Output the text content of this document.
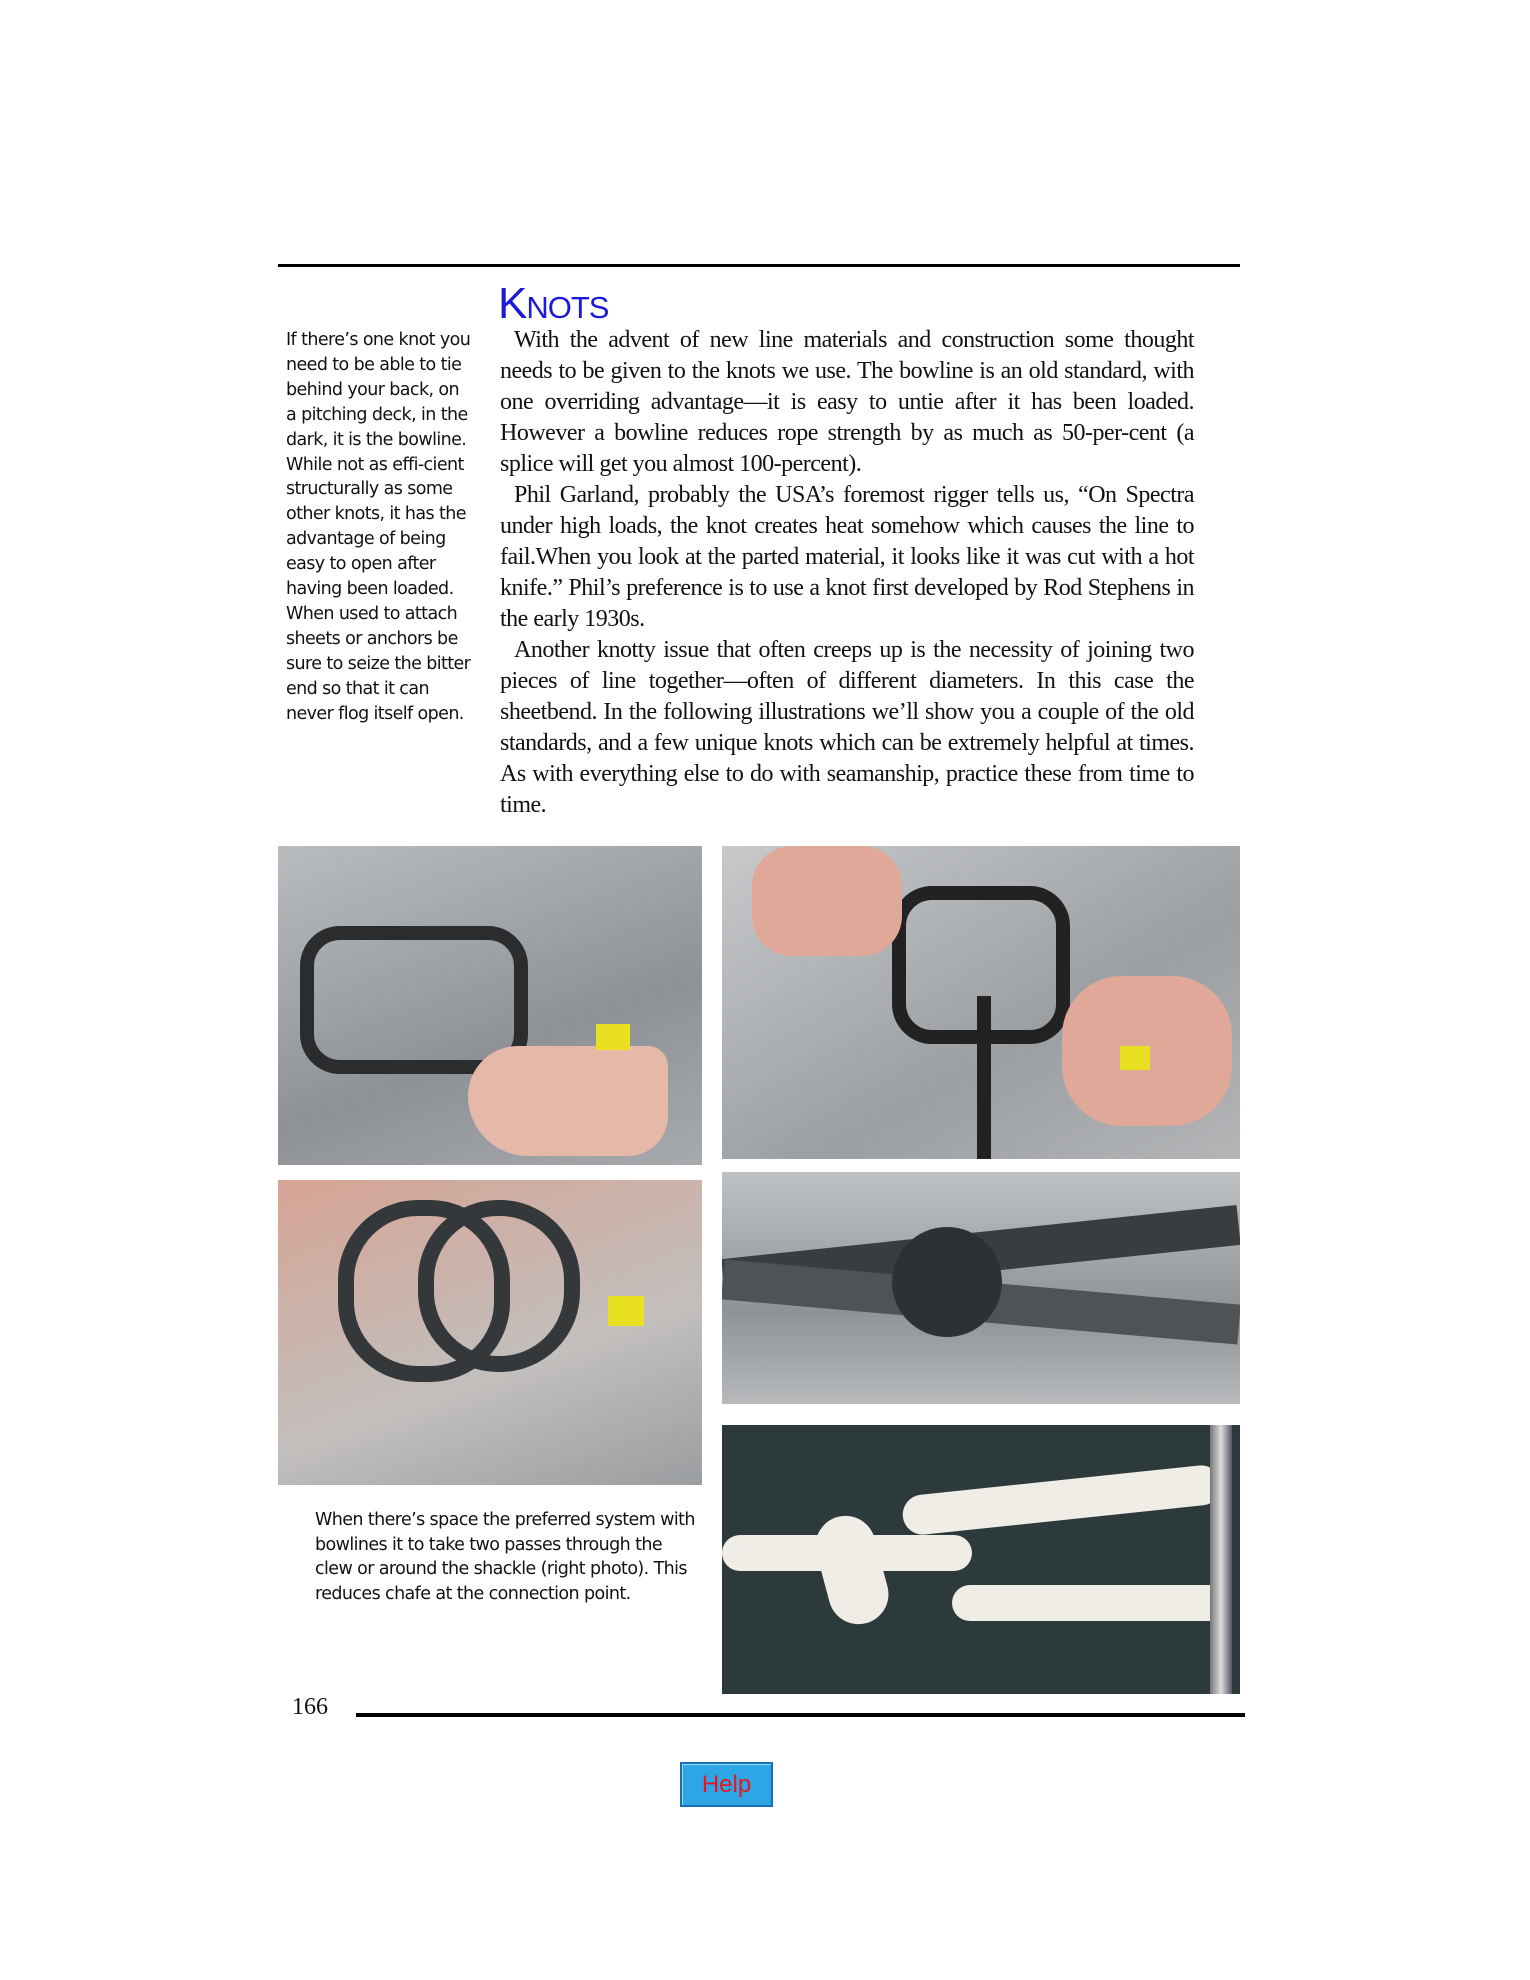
Knots
If there’s one knot you need to be able to tie behind your back, on a pitching deck, in the dark, it is the bowline. While not as effi-cient structurally as some other knots, it has the advantage of being easy to open after having been loaded. When used to attach sheets or anchors be sure to seize the bitter end so that it can never flog itself open.

With the advent of new line materials and construction some thought needs to be given to the knots we use. The bowline is an old standard, with one overriding advantage—it is easy to untie after it has been loaded. However a bowline reduces rope strength by as much as 50-per-cent (a splice will get you almost 100-percent).

Phil Garland, probably the USA’s foremost rigger tells us, “On Spectra under high loads, the knot creates heat somehow which causes the line to fail.When you look at the parted material, it looks like it was cut with a hot knife.” Phil’s preference is to use a knot first developed by Rod Stephens in the early 1930s.

Another knotty issue that often creeps up is the necessity of joining two pieces of line together—often of different diameters. In this case the sheetbend. In the following illustrations we’ll show you a couple of the old standards, and a few unique knots which can be extremely helpful at times. As with everything else to do with seamanship, practice these from time to time.

When there’s space the preferred system with bowlines it to take two passes through the clew or around the shackle (right photo). This reduces chafe at the connection point.
166
Help
